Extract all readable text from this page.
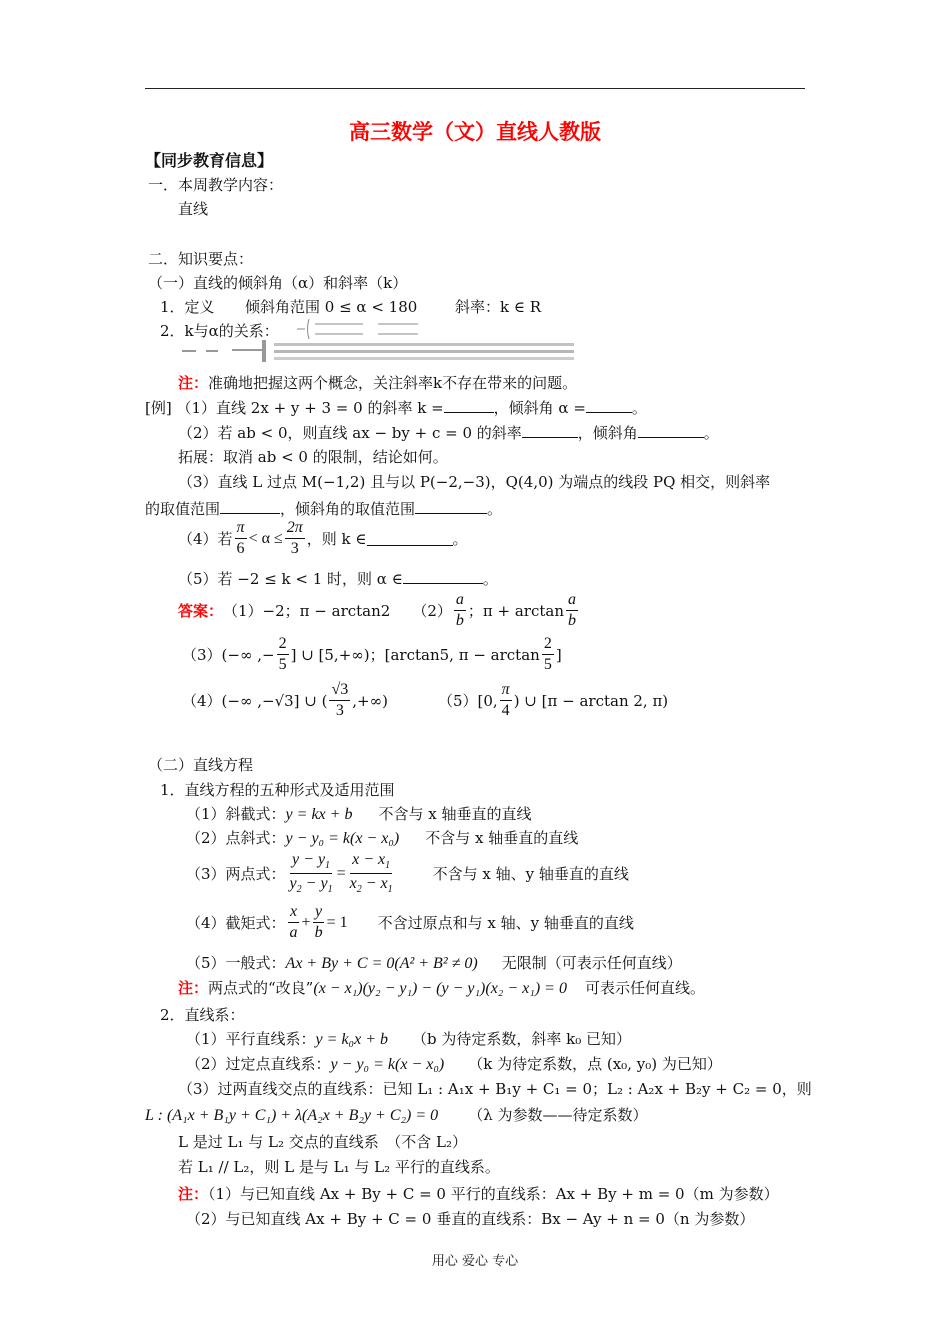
高三数学（文）直线人教版
【同步教育信息】
一．本周教学内容：
直线
二．知识要点：
（一）直线的倾斜角（α）和斜率（k）
1．定义 倾斜角范围 0 ≤ α < 180	斜率：k ∈ R
2．k与α的关系：
注：准确地把握这两个概念，关注斜率k不存在带来的问题。
[例] （1）直线 2x + y + 3 = 0 的斜率 k =	，倾斜角 α =	。
（2）若 ab < 0，则直线 ax − by + c = 0 的斜率	，倾斜角	。
拓展：取消 ab < 0 的限制，结论如何。
（3）直线 L 过点 M(−1,2) 且与以 P(−2,−3)，Q(4,0) 为端点的线段 PQ 相交，则斜率
的取值范围	，倾斜角的取值范围	。
（4）若 $\frac{\pi}{6} < \alpha \le \frac{2\pi}{3}$ ，则 k ∈	。
（5）若 −2 ≤ k < 1 时，则 α ∈	。
答案： （1）−2；π − arctan2 $(2) \frac{a}{b}$ ；$\pi + \arctan \frac{a}{b}$
（3）(−∞ ,− $\frac{2}{5}$ ] ∪ [5,+∞)；[arctan5, $\pi - \arctan \frac{2}{5}$ ]
（4）(−∞ ,−√3] ∪ ( $\frac{√3}{3}$ ,+∞)	（5）[0, $\frac{\pi}{4}$ ) ∪ [π − arctan 2, π)
（二）直线方程
1．直线方程的五种形式及适用范围
（1）斜截式：y = kx + b 不含与 x 轴垂直的直线
（2）点斜式：y − y₀ = k(x − x₀) 不含与 x 轴垂直的直线
（3）两点式： $\frac{y - y_1}{y_2 - y_1} = \frac{x - x_1}{x_2 - x_1}$	不含与 x 轴、y 轴垂直的直线
（4）截矩式： $\frac{x}{a} + \frac{y}{b} = 1$ 不含过原点和与 x 轴、y 轴垂直的直线
（5）一般式：Ax + By + C = 0(A² + B² ≠ 0) 无限制（可表示任何直线）
注：两点式的“改良”(x − x₁)(y₂ − y₁) − (y − y₁)(x₂ − x₁) = 0 可表示任何直线。
2．直线系：
（1）平行直线系：y = k₀x + b （b 为待定系数，斜率 k₀ 已知）
（2）过定点直线系：y − y₀ = k(x − x₀) （k 为待定系数，点 (x₀, y₀) 为已知）
（3）过两直线交点的直线系：已知 L₁ : A₁x + B₁y + C₁ = 0；L₂ : A₂x + B₂y + C₂ = 0，则
L : (A₁x + B₁y + C₁) + λ(A₂x + B₂y + C₂) = 0 （λ 为参数——待定系数）
L 是过 L₁ 与 L₂ 交点的直线系　（不含 L₂）
若 L₁ // L₂，则 L 是与 L₁ 与 L₂ 平行的直线系。
注：（1）与已知直线 Ax + By + C = 0 平行的直线系：Ax + By + m = 0（m 为参数）
（2）与已知直线 Ax + By + C = 0 垂直的直线系：Bx − Ay + n = 0（n 为参数）
用心 爱心 专心
